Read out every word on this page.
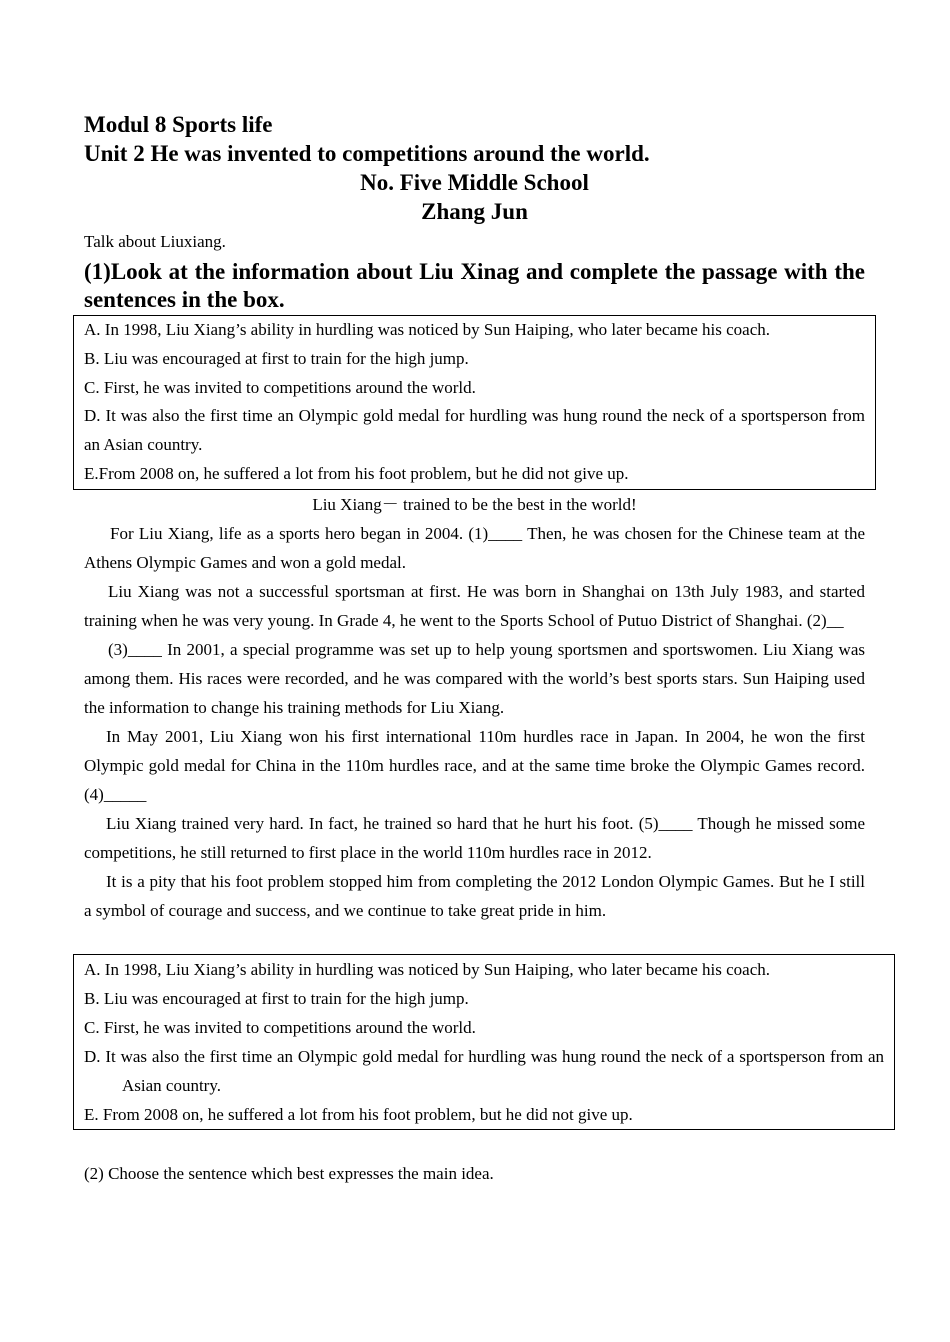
Modul 8 Sports life

Unit 2 He was invented to competitions around the world.

No. Five Middle School

Zhang Jun

Talk about Liuxiang.

(1)Look at the information about Liu Xinag and complete the passage with the sentences in the box.

A. In 1998, Liu Xiang’s ability in hurdling was noticed by Sun Haiping, who later became his coach.

B. Liu was encouraged at first to train for the high jump.

C. First, he was invited to competitions around the world.

D. It was also the first time an Olympic gold medal for hurdling was hung round the neck of a sportsperson from an Asian country.

E.From 2008 on, he suffered a lot from his foot problem, but he did not give up.

Liu Xiang－ trained to be the best in the world!

For Liu Xiang, life as a sports hero began in 2004. (1)____ Then, he was chosen for the Chinese team at the Athens Olympic Games and won a gold medal.

Liu Xiang was not a successful sportsman at first. He was born in Shanghai on 13th July 1983, and started training when he was very young. In Grade 4, he went to the Sports School of Putuo District of Shanghai. (2)__

(3)____ In 2001, a special programme was set up to help young sportsmen and sportswomen. Liu Xiang was among them. His races were recorded, and he was compared with the world’s best sports stars. Sun Haiping used the information to change his training methods for Liu Xiang.

In May 2001, Liu Xiang won his first international 110m hurdles race in Japan. In 2004, he won the first Olympic gold medal for China in the 110m hurdles race, and at the same time broke the Olympic Games record. (4)_____

Liu Xiang trained very hard. In fact, he trained so hard that he hurt his foot. (5)____ Though he missed some competitions, he still returned to first place in the world 110m hurdles race in 2012.

It is a pity that his foot problem stopped him from completing the 2012 London Olympic Games. But he I still a symbol of courage and success, and we continue to take great pride in him.

A. In 1998, Liu Xiang’s ability in hurdling was noticed by Sun Haiping, who later became his coach.

B. Liu was encouraged at first to train for the high jump.

C. First, he was invited to competitions around the world.

D. It was also the first time an Olympic gold medal for hurdling was hung round the neck of a sportsperson from an Asian country.

E. From 2008 on, he suffered a lot from his foot problem, but he did not give up.

(2) Choose the sentence which best expresses the main idea.
